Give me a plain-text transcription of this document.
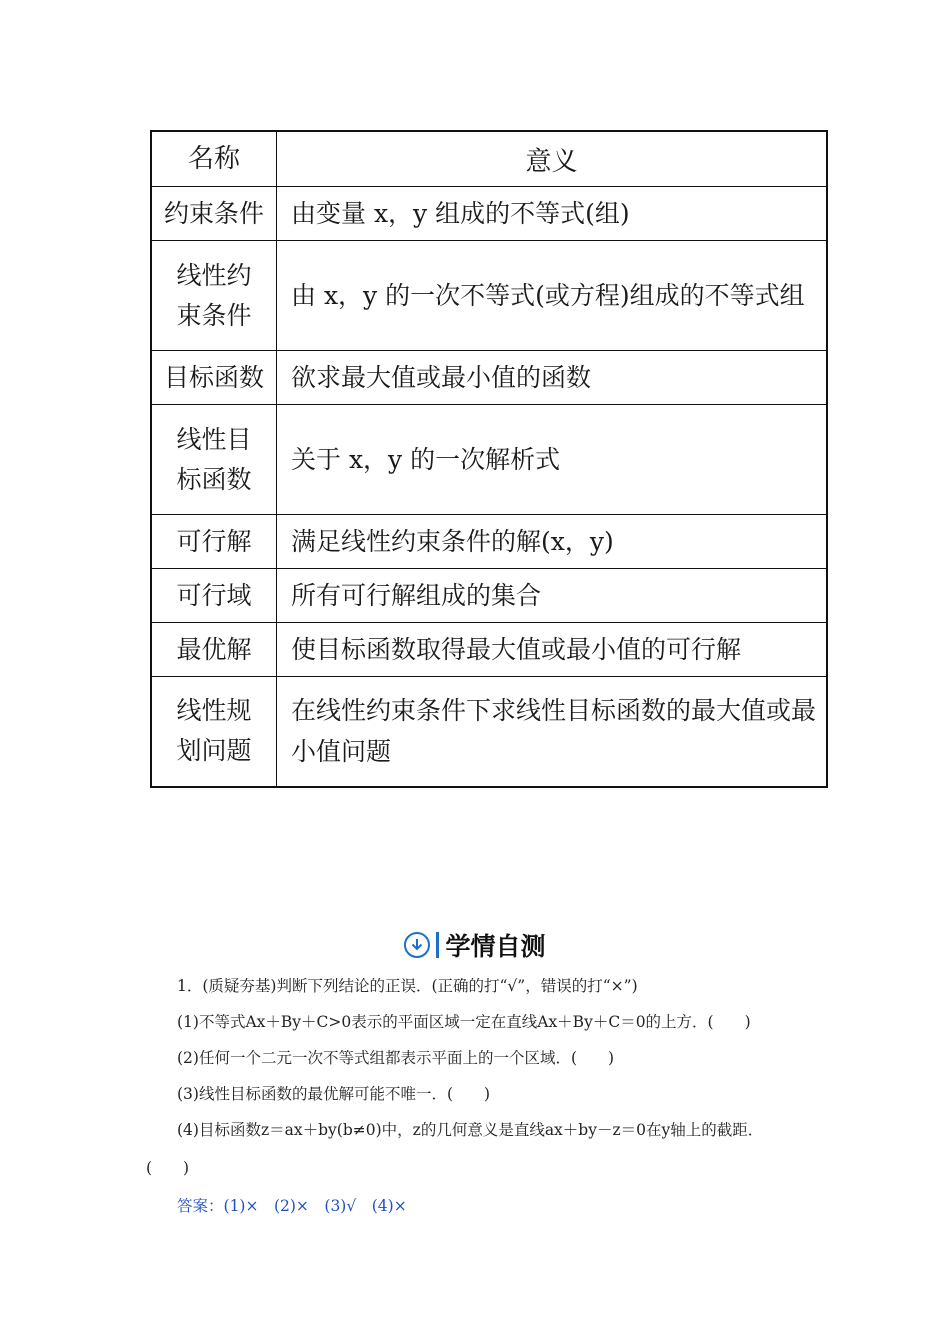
名称	意义
约束条件	由变量 x，y 组成的不等式(组)
线性约束条件	由 x，y 的一次不等式(或方程)组成的不等式组
目标函数	欲求最大值或最小值的函数
线性目标函数	关于 x，y 的一次解析式
可行解	满足线性约束条件的解(x，y)
可行域	所有可行解组成的集合
最优解	使目标函数取得最大值或最小值的可行解
线性规划问题	在线性约束条件下求线性目标函数的最大值或最小值问题
学情自测
1．(质疑夯基)判断下列结论的正误．(正确的打“√”，错误的打“×”)
(1)不等式Ax＋By＋C>0表示的平面区域一定在直线Ax＋By＋C＝0的上方．(　　)
(2)任何一个二元一次不等式组都表示平面上的一个区域．(　　)
(3)线性目标函数的最优解可能不唯一．(　　)
(4)目标函数z＝ax＋by(b≠0)中，z的几何意义是直线ax＋by－z＝0在y轴上的截距．
(　　)
答案：(1)×　(2)×　(3)√　(4)×
